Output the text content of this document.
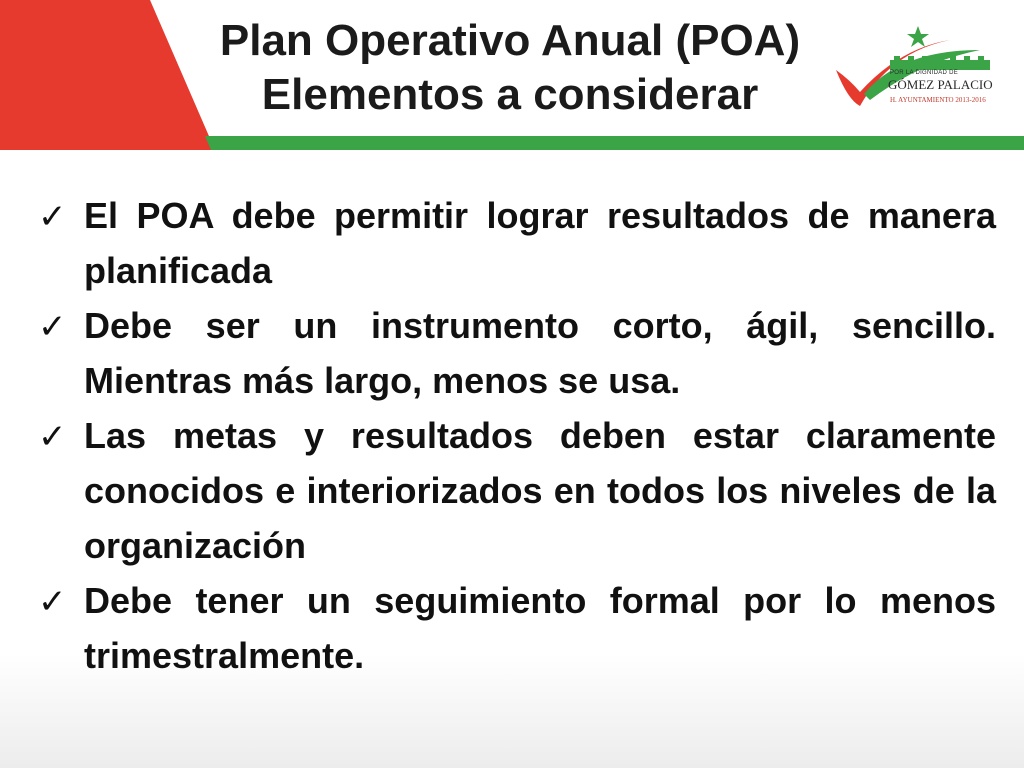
Plan Operativo Anual (POA)
Elementos a considerar	POR LA DIGNIDAD DE
GÓMEZ PALACIO
H. AYUNTAMIENTO 2013-2016
✓ El POA debe permitir lograr resultados de manera planificada
✓ Debe ser un instrumento corto, ágil, sencillo. Mientras más largo, menos se usa.
✓ Las metas y resultados deben estar claramente conocidos e interiorizados en todos los niveles de la organización
✓ Debe tener un seguimiento formal por lo menos trimestralmente.
